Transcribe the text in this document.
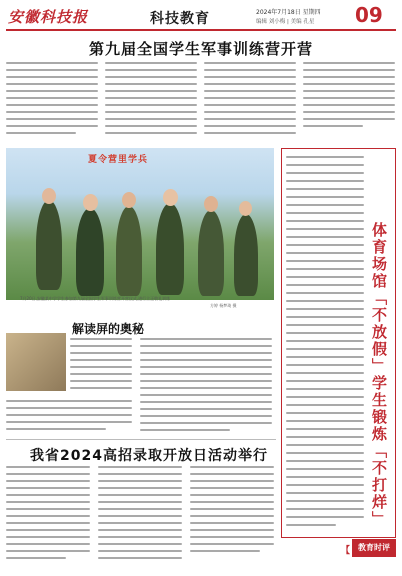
安徽科技报	科技教育	2024年7月18日 星期四
编辑 刘小梅 | 美编 孔星 09
第九届全国学生军事训练营开营
夏令营里学兵
7月20日,安徽某中学学生参加第九届全国学生军事训练营开营仪式,进行立正敬礼训练
方婷 杨梦琦 摄
解读屏的奥秘
我省2024高招录取开放日活动举行	体育场馆「不放假」学生锻炼「不打烊」
【 教育时评
